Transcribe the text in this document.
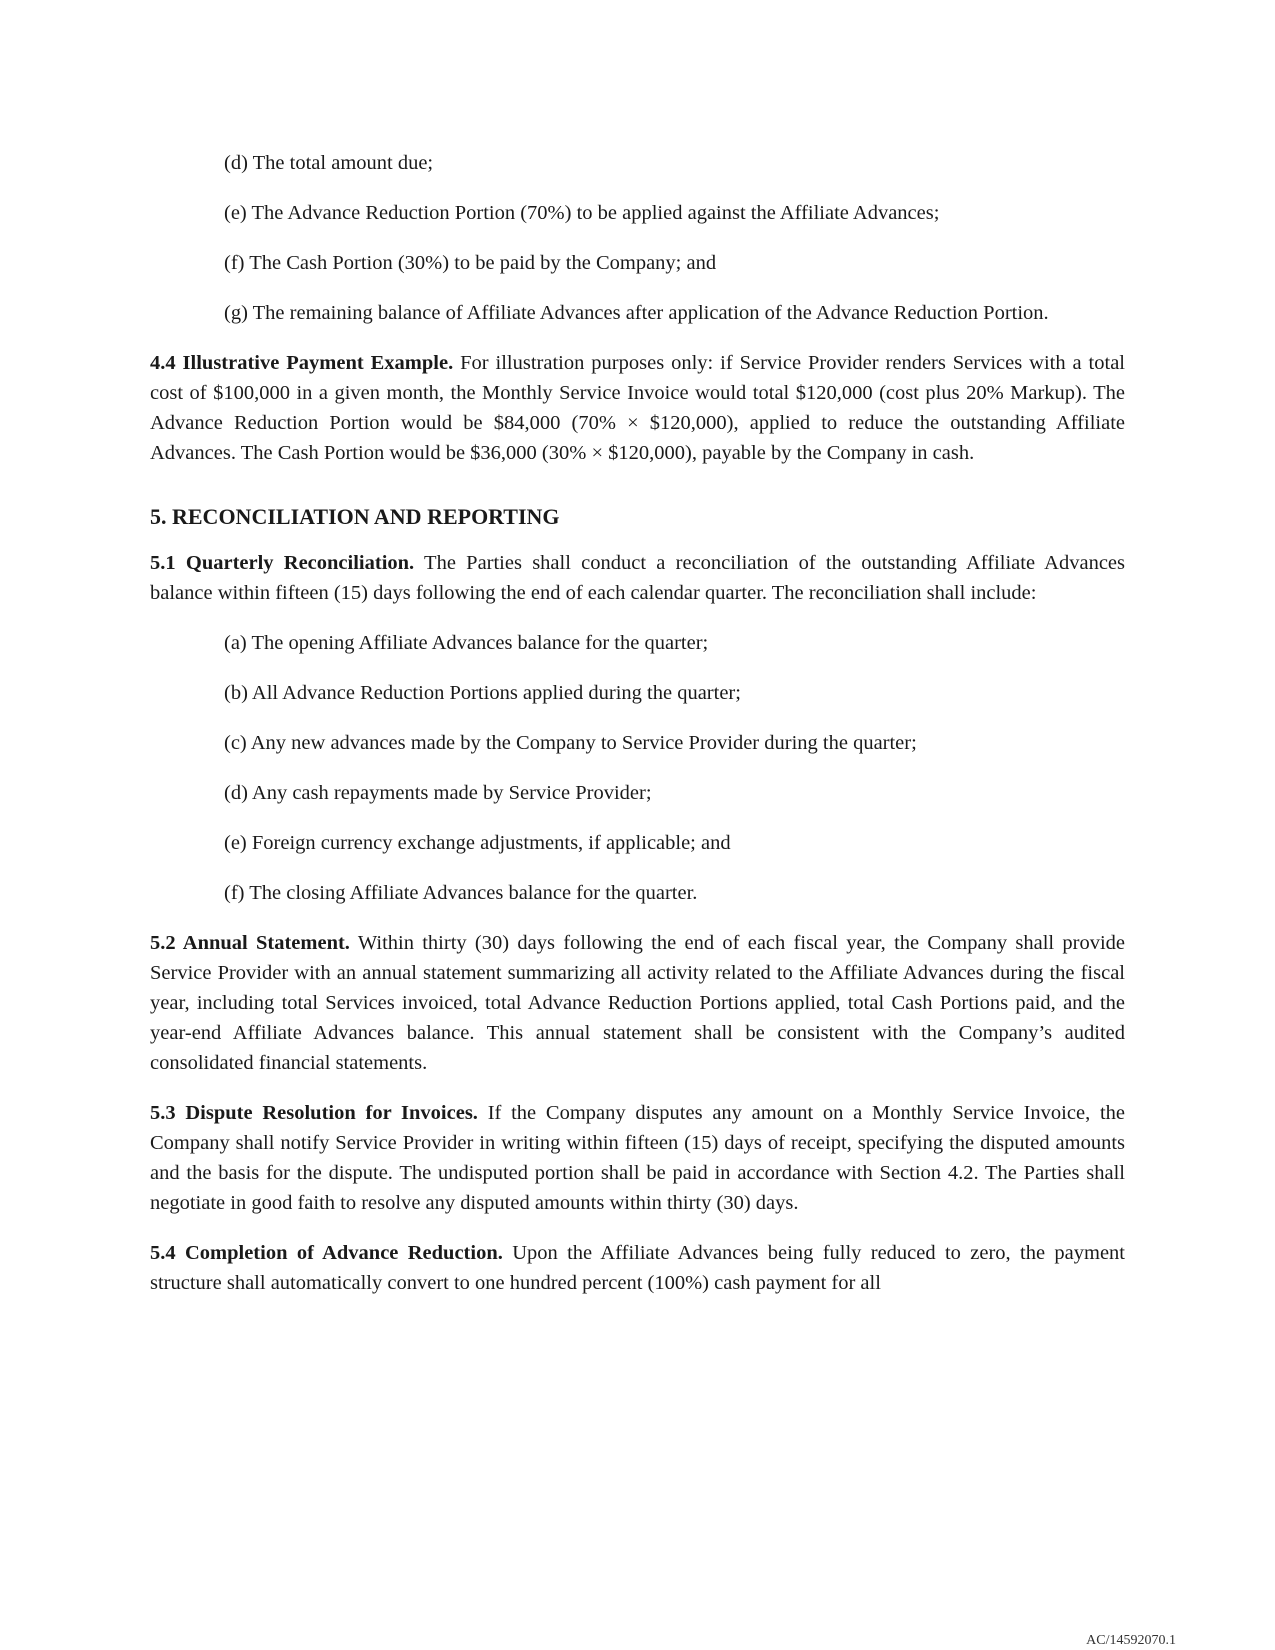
(d) The total amount due;

(e) The Advance Reduction Portion (70%) to be applied against the Affiliate Advances;

(f) The Cash Portion (30%) to be paid by the Company; and

(g) The remaining balance of Affiliate Advances after application of the Advance Reduction Portion.

4.4 Illustrative Payment Example. For illustration purposes only: if Service Provider renders Services with a total cost of $100,000 in a given month, the Monthly Service Invoice would total $120,000 (cost plus 20% Markup). The Advance Reduction Portion would be $84,000 (70% × $120,000), applied to reduce the outstanding Affiliate Advances. The Cash Portion would be $36,000 (30% × $120,000), payable by the Company in cash.

5. RECONCILIATION AND REPORTING

5.1 Quarterly Reconciliation. The Parties shall conduct a reconciliation of the outstanding Affiliate Advances balance within fifteen (15) days following the end of each calendar quarter. The reconciliation shall include:

(a) The opening Affiliate Advances balance for the quarter;

(b) All Advance Reduction Portions applied during the quarter;

(c) Any new advances made by the Company to Service Provider during the quarter;

(d) Any cash repayments made by Service Provider;

(e) Foreign currency exchange adjustments, if applicable; and

(f) The closing Affiliate Advances balance for the quarter.

5.2 Annual Statement. Within thirty (30) days following the end of each fiscal year, the Company shall provide Service Provider with an annual statement summarizing all activity related to the Affiliate Advances during the fiscal year, including total Services invoiced, total Advance Reduction Portions applied, total Cash Portions paid, and the year-end Affiliate Advances balance. This annual statement shall be consistent with the Company’s audited consolidated financial statements.

5.3 Dispute Resolution for Invoices. If the Company disputes any amount on a Monthly Service Invoice, the Company shall notify Service Provider in writing within fifteen (15) days of receipt, specifying the disputed amounts and the basis for the dispute. The undisputed portion shall be paid in accordance with Section 4.2. The Parties shall negotiate in good faith to resolve any disputed amounts within thirty (30) days.

5.4 Completion of Advance Reduction. Upon the Affiliate Advances being fully reduced to zero, the payment structure shall automatically convert to one hundred percent (100%) cash payment for all

AC/14592070.1
